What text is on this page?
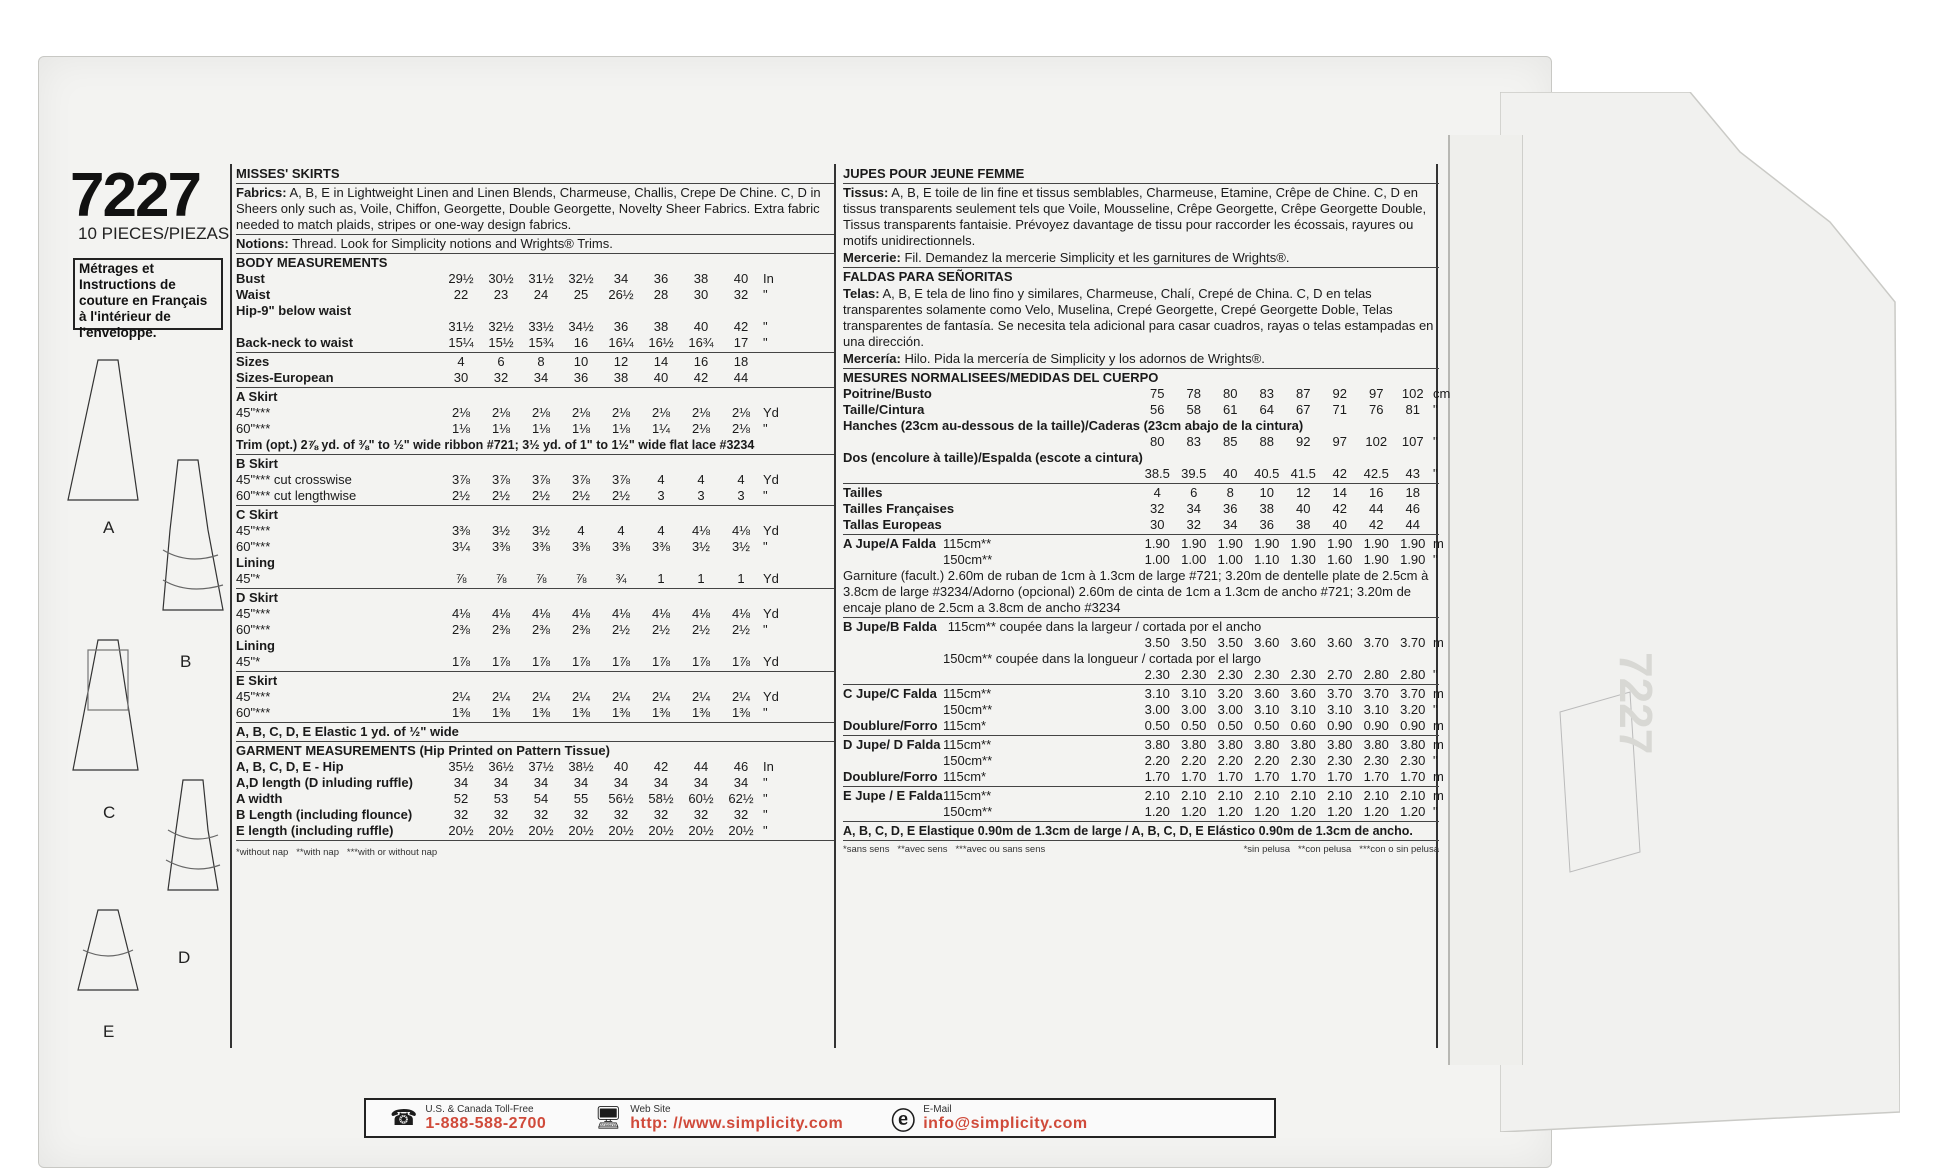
7227
7227
10 PIECES/PIEZAS
Métrages et Instructions de couture en Français à l'intérieur de l'enveloppe.
A
B
C
D
E
MISSES' SKIRTS
Fabrics: A, B, E in Lightweight Linen and Linen Blends, Charmeuse, Challis, Crepe De Chine. C, D in Sheers only such as, Voile, Chiffon, Georgette, Double Georgette, Novelty Sheer Fabrics. Extra fabric needed to match plaids, stripes or one-way design fabrics.
Notions: Thread. Look for Simplicity notions and Wrights® Trims.
BODY MEASUREMENTS
Bust	29½	30½	31½	32½	34	36	38	40	In
Waist	22	23	24	25	26½	28	30	32	"
Hip-9" below waist
31½	32½	33½	34½	36	38	40	42	"
Back-neck to waist	15¼	15½	15¾	16	16¼	16½	16¾	17	"
Sizes	4	6	8	10	12	14	16	18
Sizes-European	30	32	34	36	38	40	42	44
A Skirt
45"***	2⅛	2⅛	2⅛	2⅛	2⅛	2⅛	2⅛	2⅛ Yd
60"***	1⅛	1⅛	1⅛	1⅛	1⅛	1¼	2⅛	2⅛ "
Trim (opt.) 2⅞ yd. of ⅜" to ½" wide ribbon #721; 3½ yd. of 1" to 1½" wide flat lace #3234
B Skirt
45"*** cut crosswise	3⅞	3⅞	3⅞	3⅞	3⅞	4	4	4	Yd
60"*** cut lengthwise	2½	2½	2½	2½	2½	3	3	3	"
C Skirt
45"***	3⅜	3½	3½	4	4	4	4⅛	4⅛ Yd
60"***	3¼	3⅜	3⅜	3⅜	3⅜	3⅜	3½	3½ "
Lining
45"*	⅞	⅞	⅞	⅞	¾	1	1	1	Yd
D Skirt
45"***	4⅛	4⅛	4⅛	4⅛	4⅛	4⅛	4⅛	4⅛ Yd
60"***	2⅜	2⅜	2⅜	2⅜	2½	2½	2½	2½ "
Lining
45"*	1⅞	1⅞	1⅞	1⅞	1⅞	1⅞	1⅞	1⅞ Yd
E Skirt
45"***	2¼	2¼	2¼	2¼	2¼	2¼	2¼	2¼ Yd
60"***	1⅜	1⅜	1⅜	1⅜	1⅜	1⅜	1⅜	1⅜ "
A, B, C, D, E Elastic 1 yd. of ½" wide
GARMENT MEASUREMENTS (Hip Printed on Pattern Tissue)
A, B, C, D, E - Hip	35½	36½	37½	38½	40	42	44	46	In
A,D length (D inluding ruffle)	34	34	34	34	34	34	34	34	"
A width	52	53	54	55	56½	58½	60½	62½ "
B Length (including flounce)	32	32	32	32	32	32	32	32	"
E length (including ruffle)	20½	20½	20½	20½	20½	20½	20½	20½ "
*without nap   **with nap   ***with or without nap
JUPES POUR JEUNE FEMME
Tissus: A, B, E toile de lin fine et tissus semblables, Charmeuse, Etamine, Crêpe de Chine. C, D en tissus transparents seulement tels que Voile, Mousseline, Crêpe Georgette, Crêpe Georgette Double, Tissus transparents fantaisie. Prévoyez davantage de tissu pour raccorder les écossais, rayures ou motifs unidirectionnels.
Mercerie: Fil. Demandez la mercerie Simplicity et les garnitures de Wrights®.
FALDAS PARA SEÑORITAS
Telas: A, B, E tela de lino fino y similares, Charmeuse, Chalí, Crepé de China. C, D en telas transparentes solamente como Velo, Muselina, Crepé Georgette, Crepé Georgette Doble, Telas transparentes de fantasía. Se necesita tela adicional para casar cuadros, rayas o telas estampadas en una dirección.
Mercería: Hilo. Pida la mercería de Simplicity y los adornos de Wrights®.
MESURES NORMALISEES/MEDIDAS DEL CUERPO
Poitrine/Busto	75	78	80	83	87	92	97	102 cm
Taille/Cintura	56	58	61	64	67	71	76	81	"
Hanches (23cm au-dessous de la taille)/Caderas (23cm abajo de la cintura)
80	83	85	88	92	97	102	107 "
Dos (encolure à taille)/Espalda (escote a cintura)
38.5 39.5	40	40.5 41.5	42	42.5	43	"
Tailles	4	6	8	10	12	14	16	18
Tailles Françaises	32	34	36	38	40	42	44	46
Tallas Europeas	30	32	34	36	38	40	42	44
A Jupe/A Falda 115cm**	1.90 1.90 1.90 1.90 1.90 1.90 1.90 1.90 m
150cm**	1.00 1.00 1.00 1.10 1.30 1.60 1.90 1.90 "
Garniture (facult.) 2.60m de ruban de 1cm à 1.3cm de large #721; 3.20m de dentelle plate de 2.5cm à 3.8cm de large #3234/Adorno (opcional) 2.60m de cinta de 1cm a 1.3cm de ancho #721; 3.20m de encaje plano de 2.5cm a 3.8cm de ancho #3234
B Jupe/B Falda 115cm** coupée dans la largeur / cortada por el ancho
3.50 3.50 3.50 3.60 3.60 3.60 3.70 3.70 m
150cm** coupée dans la longueur / cortada por el largo
2.30 2.30 2.30 2.30 2.30 2.70 2.80 2.80 "
C Jupe/C Falda 115cm**	3.10 3.10 3.20 3.60 3.60 3.70 3.70 3.70 m
150cm**	3.00 3.00 3.00 3.10 3.10 3.10 3.10 3.20 "
Doublure/Forro 115cm*	0.50 0.50 0.50 0.50 0.60 0.90 0.90 0.90 m
D Jupe/ D Falda 115cm**	3.80 3.80 3.80 3.80 3.80 3.80 3.80 3.80 m
150cm**	2.20 2.20 2.20 2.20 2.30 2.30 2.30 2.30 "
Doublure/Forro 115cm*	1.70 1.70 1.70 1.70 1.70 1.70 1.70 1.70 m
E Jupe / E Falda 115cm**	2.10 2.10 2.10 2.10 2.10 2.10 2.10 2.10 m
150cm**	1.20 1.20 1.20 1.20 1.20 1.20 1.20 1.20 "
A, B, C, D, E Elastique 0.90m de 1.3cm de large / A, B, C, D, E Elástico 0.90m de 1.3cm de ancho.
*sans sens   **avec sens   ***avec ou sans sens	*sin pelusa   **con pelusa   ***con o sin pelusa
☎ U.S. & Canada Toll-Free
1-888-588-2700 🖥 Web Site
http: //www.simplicity.com ⓔ E-Mail
info@simplicity.com
